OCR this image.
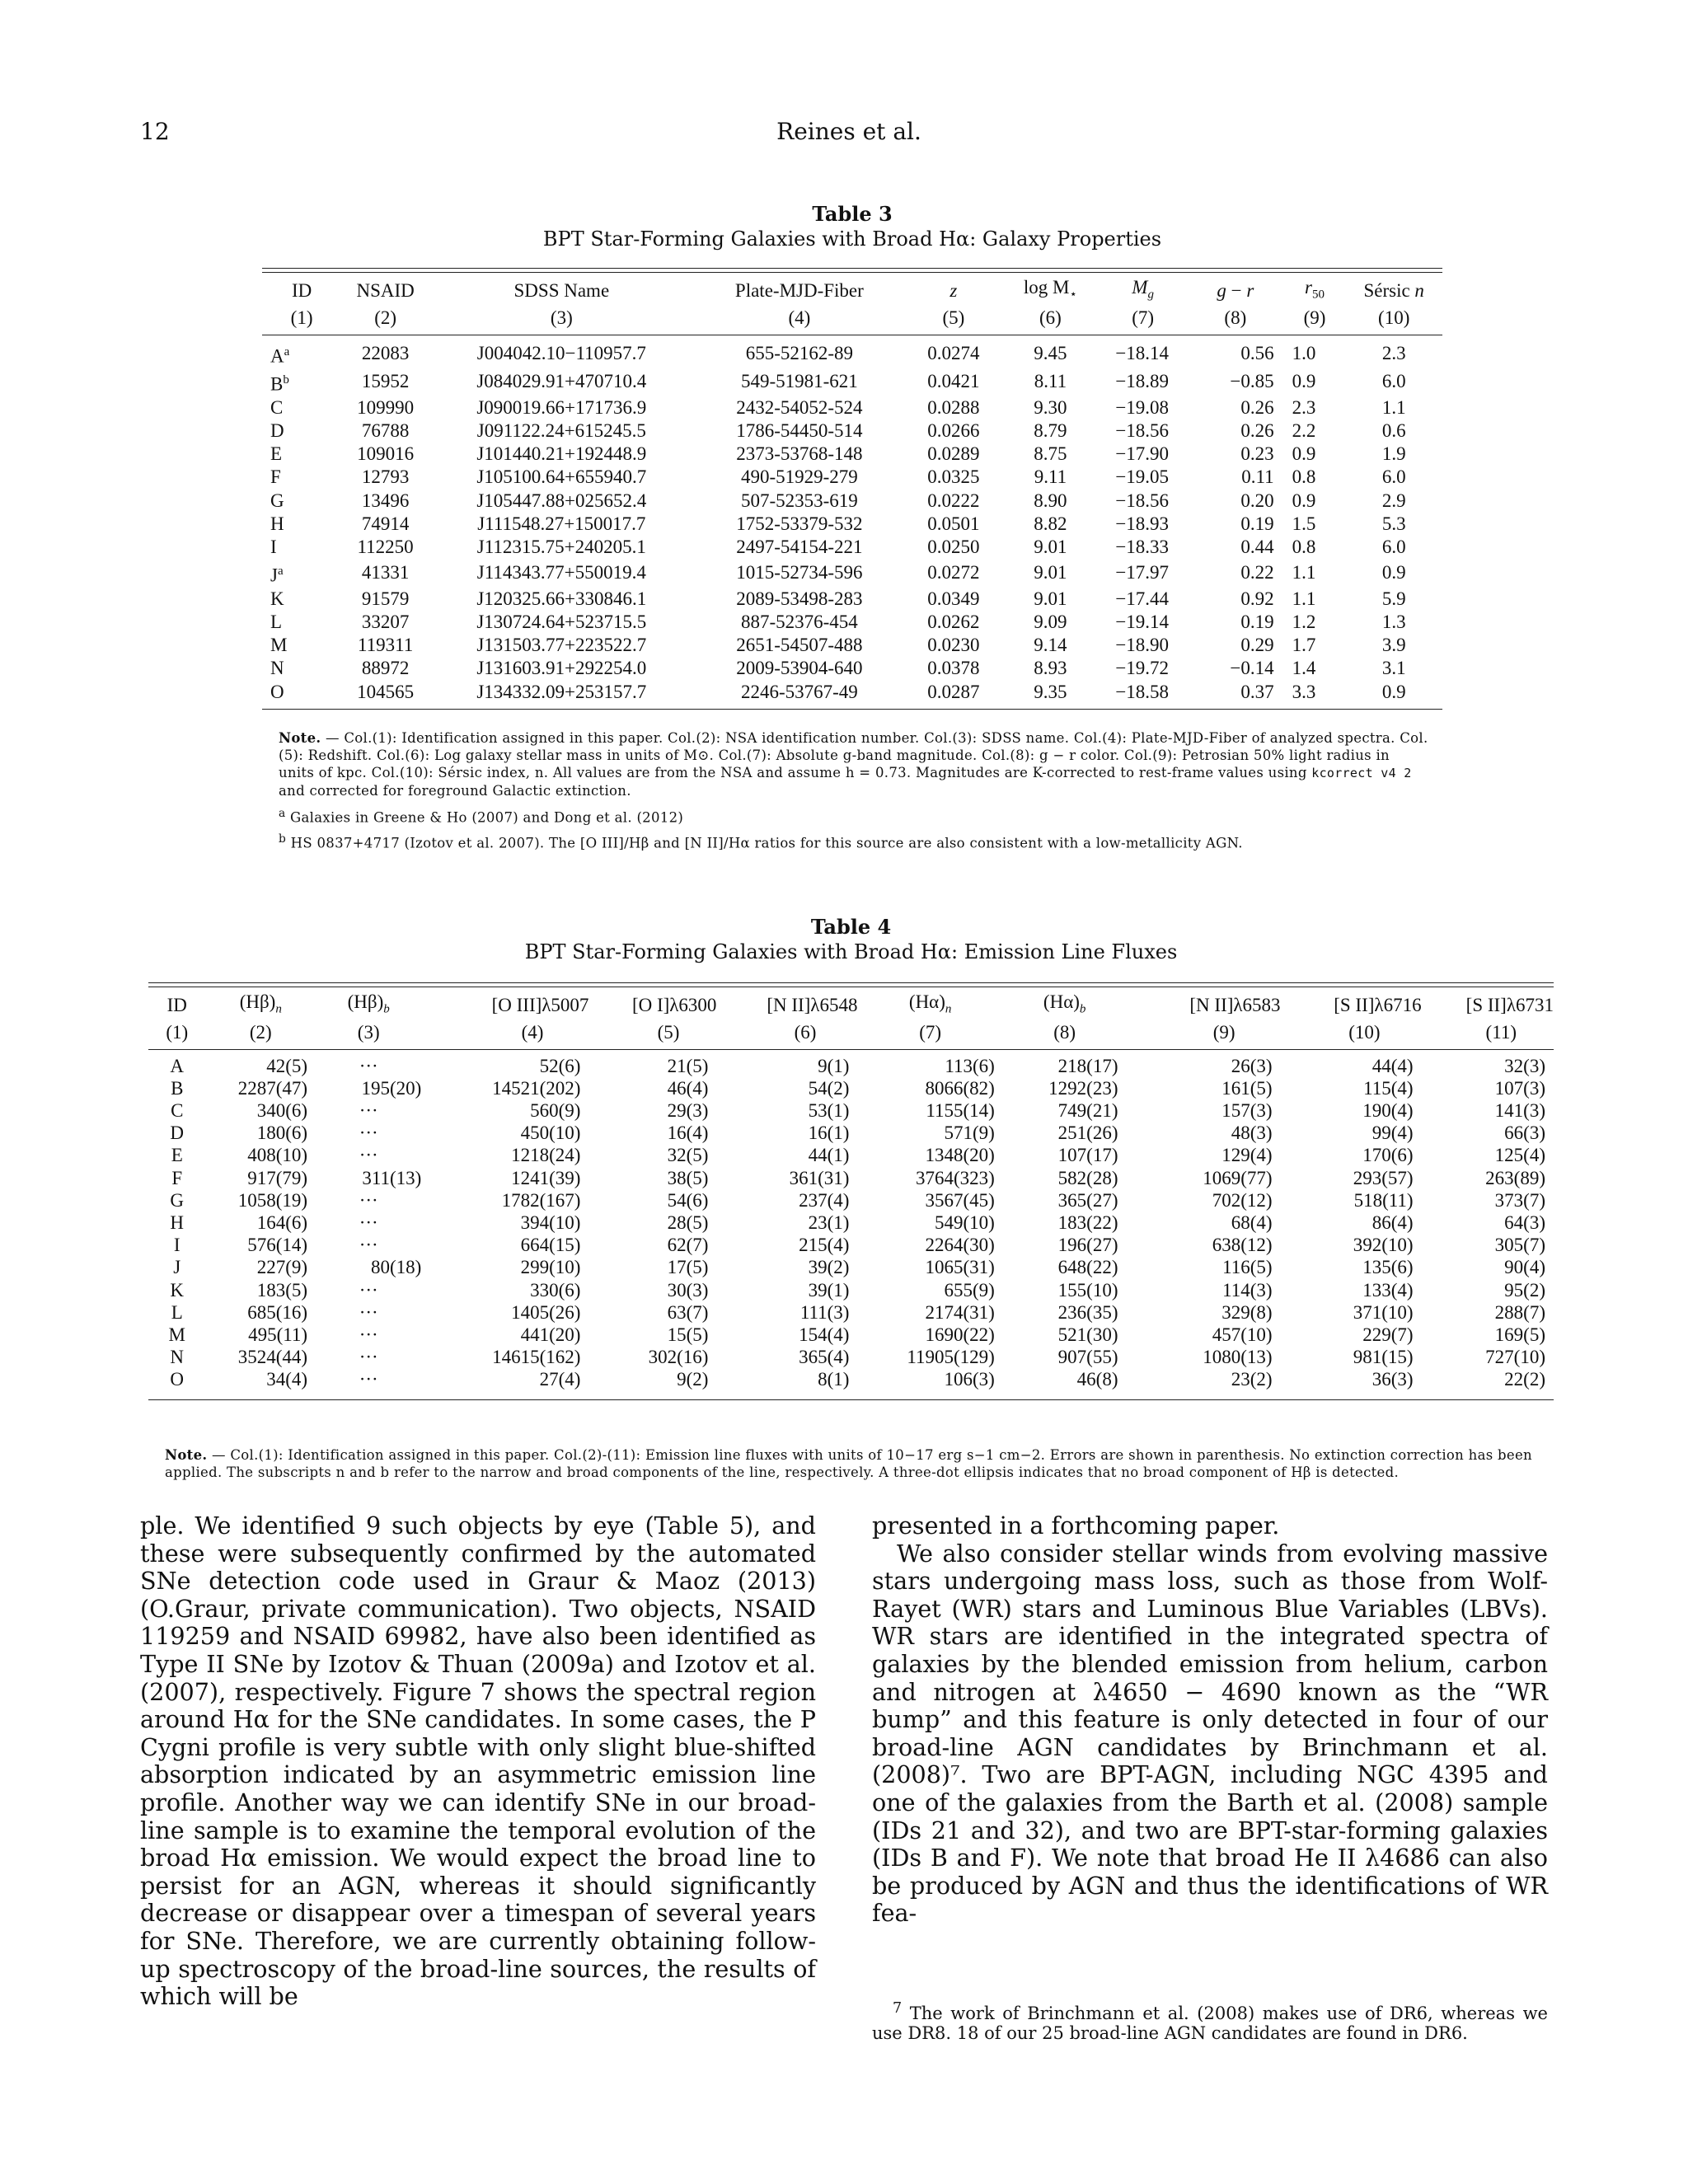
12	Reines et al.
Table 3
BPT Star-Forming Galaxies with Broad Hα: Galaxy Properties

ID	NSAID	SDSS Name	Plate-MJD-Fiber	z	$\log M_⋆$	$M_g$	g − r	$r_{50}$	Sérsic n
(1)	(2)	(3)	(4)	(5)	(6)	(7)	(8)	(9)	(10)

$A^a$	22083	J004042.10−110957.7	655-52162-89	0.0274	9.45	−18.14	0.56	1.0	2.3
$B^b$	15952	J084029.91+470710.4	549-51981-621	0.0421	8.11	−18.89	−0.85	0.9	6.0
C	109990	J090019.66+171736.9	2432-54052-524	0.0288	9.30	−19.08	0.26	2.3	1.1
D	76788	J091122.24+615245.5	1786-54450-514	0.0266	8.79	−18.56	0.26	2.2	0.6
E	109016	J101440.21+192448.9	2373-53768-148	0.0289	8.75	−17.90	0.23	0.9	1.9
F	12793	J105100.64+655940.7	490-51929-279	0.0325	9.11	−19.05	0.11	0.8	6.0
G	13496	J105447.88+025652.4	507-52353-619	0.0222	8.90	−18.56	0.20	0.9	2.9
H	74914	J111548.27+150017.7	1752-53379-532	0.0501	8.82	−18.93	0.19	1.5	5.3
I	112250	J112315.75+240205.1	2497-54154-221	0.0250	9.01	−18.33	0.44	0.8	6.0
$J^a$	41331	J114343.77+550019.4	1015-52734-596	0.0272	9.01	−17.97	0.22	1.1	0.9
K	91579	J120325.66+330846.1	2089-53498-283	0.0349	9.01	−17.44	0.92	1.1	5.9
L	33207	J130724.64+523715.5	887-52376-454	0.0262	9.09	−19.14	0.19	1.2	1.3
M	119311	J131503.77+223522.7	2651-54507-488	0.0230	9.14	−18.90	0.29	1.7	3.9
N	88972	J131603.91+292254.0	2009-53904-640	0.0378	8.93	−19.72	−0.14	1.4	3.1
O	104565	J134332.09+253157.7	2246-53767-49	0.0287	9.35	−18.58	0.37	3.3	0.9
Note. — Col.(1): Identification assigned in this paper. Col.(2): NSA identification number. Col.(3): SDSS name. Col.(4): Plate-MJD-Fiber of analyzed spectra. Col.(5): Redshift. Col.(6): Log galaxy stellar mass in units of M⊙. Col.(7): Absolute g-band magnitude. Col.(8): g − r color. Col.(9): Petrosian 50% light radius in units of kpc. Col.(10): Sérsic index, n. All values are from the NSA and assume h = 0.73. Magnitudes are K-corrected to rest-frame values using kcorrect v4 2 and corrected for foreground Galactic extinction.
$^a$ Galaxies in Greene & Ho (2007) and Dong et al. (2012)
$^b$ HS 0837+4717 (Izotov et al. 2007). The [O III]/Hβ and [N II]/Hα ratios for this source are also consistent with a low-metallicity AGN.
Table 4
BPT Star-Forming Galaxies with Broad Hα: Emission Line Fluxes

ID	$(H\beta)_n$	$(H\beta)_b$	[O III]λ5007	[O I]λ6300	[N II]λ6548	$(H\alpha)_n$	$(H\alpha)_b$	[N II]λ6583	[S II]λ6716	[S II]λ6731
(1)	(2)	(3)	(4)	(5)	(6)	(7)	(8)	(9)	(10)	(11)

A	42(5)	···	52(6)	21(5)	9(1)	113(6)	218(17)	26(3)	44(4)	32(3)
B	2287(47)	195(20)	14521(202)	46(4)	54(2)	8066(82)	1292(23)	161(5)	115(4)	107(3)
C	340(6)	···	560(9)	29(3)	53(1)	1155(14)	749(21)	157(3)	190(4)	141(3)
D	180(6)	···	450(10)	16(4)	16(1)	571(9)	251(26)	48(3)	99(4)	66(3)
E	408(10)	···	1218(24)	32(5)	44(1)	1348(20)	107(17)	129(4)	170(6)	125(4)
F	917(79)	311(13)	1241(39)	38(5)	361(31)	3764(323)	582(28)	1069(77)	293(57)	263(89)
G	1058(19)	···	1782(167)	54(6)	237(4)	3567(45)	365(27)	702(12)	518(11)	373(7)
H	164(6)	···	394(10)	28(5)	23(1)	549(10)	183(22)	68(4)	86(4)	64(3)
I	576(14)	···	664(15)	62(7)	215(4)	2264(30)	196(27)	638(12)	392(10)	305(7)
J	227(9)	80(18)	299(10)	17(5)	39(2)	1065(31)	648(22)	116(5)	135(6)	90(4)
K	183(5)	···	330(6)	30(3)	39(1)	655(9)	155(10)	114(3)	133(4)	95(2)
L	685(16)	···	1405(26)	63(7)	111(3)	2174(31)	236(35)	329(8)	371(10)	288(7)
M	495(11)	···	441(20)	15(5)	154(4)	1690(22)	521(30)	457(10)	229(7)	169(5)
N	3524(44)	···	14615(162)	302(16)	365(4)	11905(129)	907(55)	1080(13)	981(15)	727(10)
O	34(4)	···	27(4)	9(2)	8(1)	106(3)	46(8)	23(2)	36(3)	22(2)
Note. — Col.(1): Identification assigned in this paper. Col.(2)-(11): Emission line fluxes with units of 10−17 erg s−1 cm−2. Errors are shown in parenthesis. No extinction correction has been applied. The subscripts n and b refer to the narrow and broad components of the line, respectively. A three-dot ellipsis indicates that no broad component of Hβ is detected.

ple. We identified 9 such objects by eye (Table 5), and these were subsequently confirmed by the automated SNe detection code used in Graur & Maoz (2013) (O.Graur, private communication). Two objects, NSAID 119259 and NSAID 69982, have also been identified as Type II SNe by Izotov & Thuan (2009a) and Izotov et al. (2007), respectively. Figure 7 shows the spectral region around Hα for the SNe candidates. In some cases, the P Cygni profile is very subtle with only slight blue-shifted absorption indicated by an asymmetric emission line profile. Another way we can identify SNe in our broad-line sample is to examine the temporal evolution of the broad Hα emission. We would expect the broad line to persist for an AGN, whereas it should significantly decrease or disappear over a timespan of several years for SNe. Therefore, we are currently obtaining follow-up spectroscopy of the broad-line sources, the results of which will be

presented in a forthcoming paper.

We also consider stellar winds from evolving massive stars undergoing mass loss, such as those from Wolf-Rayet (WR) stars and Luminous Blue Variables (LBVs). WR stars are identified in the integrated spectra of galaxies by the blended emission from helium, carbon and nitrogen at λ4650 − 4690 known as the “WR bump” and this feature is only detected in four of our broad-line AGN candidates by Brinchmann et al. (2008)⁷. Two are BPT-AGN, including NGC 4395 and one of the galaxies from the Barth et al. (2008) sample (IDs 21 and 32), and two are BPT-star-forming galaxies (IDs B and F). We note that broad He II λ4686 can also be produced by AGN and thus the identifications of WR fea-

$^7$ The work of Brinchmann et al. (2008) makes use of DR6, whereas we use DR8. 18 of our 25 broad-line AGN candidates are found in DR6.
